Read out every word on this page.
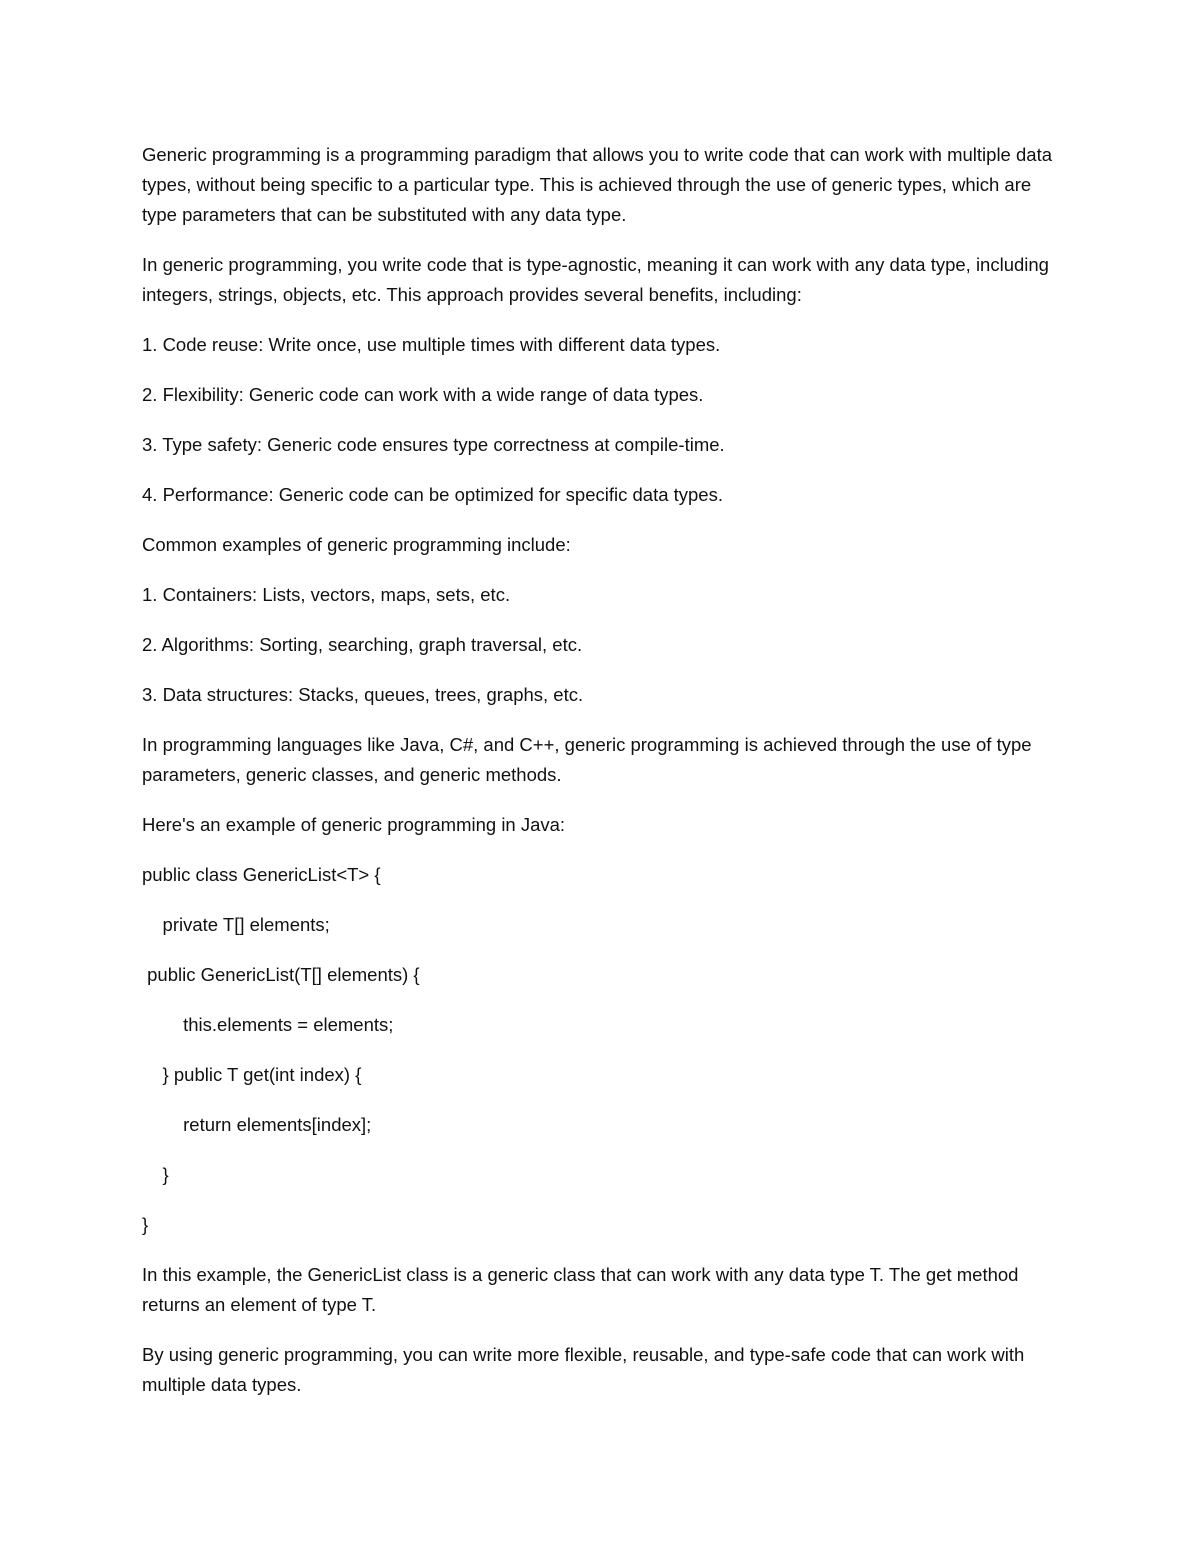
Generic programming is a programming paradigm that allows you to write code that can work with multiple data types, without being specific to a particular type. This is achieved through the use of generic types, which are type parameters that can be substituted with any data type.

In generic programming, you write code that is type-agnostic, meaning it can work with any data type, including integers, strings, objects, etc. This approach provides several benefits, including:

1. Code reuse: Write once, use multiple times with different data types.

2. Flexibility: Generic code can work with a wide range of data types.

3. Type safety: Generic code ensures type correctness at compile-time.

4. Performance: Generic code can be optimized for specific data types.

Common examples of generic programming include:

1. Containers: Lists, vectors, maps, sets, etc.

2. Algorithms: Sorting, searching, graph traversal, etc.

3. Data structures: Stacks, queues, trees, graphs, etc.

In programming languages like Java, C#, and C++, generic programming is achieved through the use of type parameters, generic classes, and generic methods.

Here's an example of generic programming in Java:

public class GenericList<T> {

private T[] elements;

public GenericList(T[] elements) {

this.elements = elements;

} public T get(int index) {

return elements[index];

}

}

In this example, the GenericList class is a generic class that can work with any data type T. The get method returns an element of type T.

By using generic programming, you can write more flexible, reusable, and type-safe code that can work with multiple data types.
